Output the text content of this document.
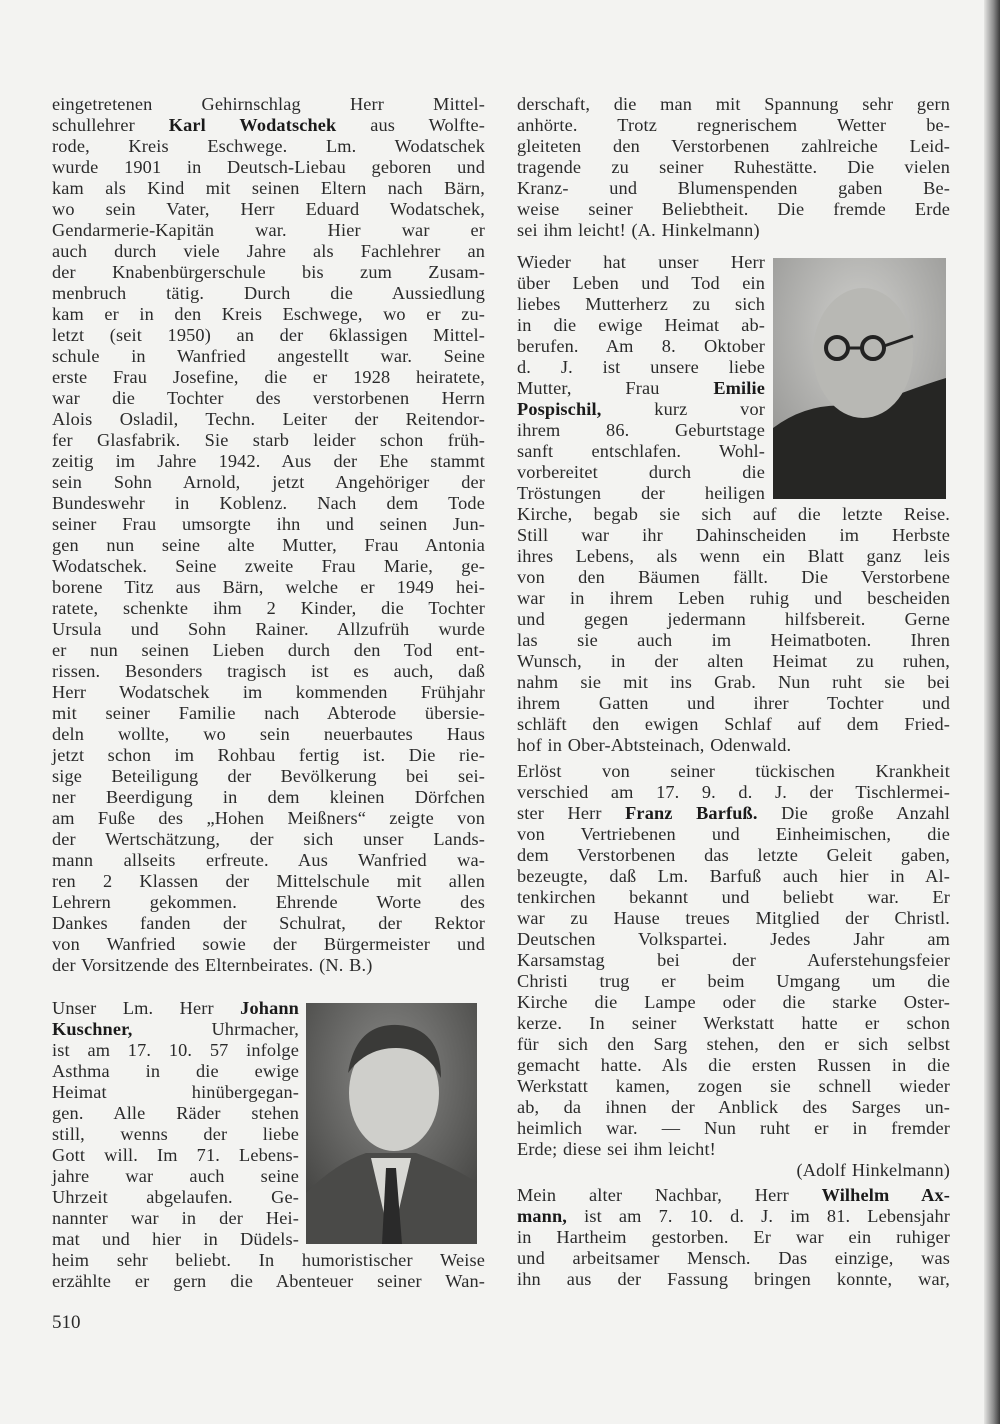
eingetretenen Gehirnschlag Herr Mittel-
schullehrer Karl Wodatschek aus Wolfte-
rode, Kreis Eschwege. Lm. Wodatschek
wurde 1901 in Deutsch-Liebau geboren und
kam als Kind mit seinen Eltern nach Bärn,
wo sein Vater, Herr Eduard Wodatschek,
Gendarmerie-Kapitän war. Hier war er
auch durch viele Jahre als Fachlehrer an
der Knabenbürgerschule bis zum Zusam-
menbruch tätig. Durch die Aussiedlung
kam er in den Kreis Eschwege, wo er zu-
letzt (seit 1950) an der 6klassigen Mittel-
schule in Wanfried angestellt war. Seine
erste Frau Josefine, die er 1928 heiratete,
war die Tochter des verstorbenen Herrn
Alois Osladil, Techn. Leiter der Reitendor-
fer Glasfabrik. Sie starb leider schon früh-
zeitig im Jahre 1942. Aus der Ehe stammt
sein Sohn Arnold, jetzt Angehöriger der
Bundeswehr in Koblenz. Nach dem Tode
seiner Frau umsorgte ihn und seinen Jun-
gen nun seine alte Mutter, Frau Antonia
Wodatschek. Seine zweite Frau Marie, ge-
borene Titz aus Bärn, welche er 1949 hei-
ratete, schenkte ihm 2 Kinder, die Tochter
Ursula und Sohn Rainer. Allzufrüh wurde
er nun seinen Lieben durch den Tod ent-
rissen. Besonders tragisch ist es auch, daß
Herr Wodatschek im kommenden Frühjahr
mit seiner Familie nach Abterode übersie-
deln wollte, wo sein neuerbautes Haus
jetzt schon im Rohbau fertig ist. Die rie-
sige Beteiligung der Bevölkerung bei sei-
ner Beerdigung in dem kleinen Dörfchen
am Fuße des „Hohen Meißners“ zeigte von
der Wertschätzung, der sich unser Lands-
mann allseits erfreute. Aus Wanfried wa-
ren 2 Klassen der Mittelschule mit allen
Lehrern gekommen. Ehrende Worte des
Dankes fanden der Schulrat, der Rektor
von Wanfried sowie der Bürgermeister und
der Vorsitzende des Elternbeirates. (N. B.)
Unser Lm. Herr Johann
Kuschner, Uhrmacher,
ist am 17. 10. 57 infolge
Asthma in die ewige
Heimat hinübergegan-
gen. Alle Räder stehen
still, wenns der liebe
Gott will. Im 71. Lebens-
jahre war auch seine
Uhrzeit abgelaufen. Ge-
nannter war in der Hei-
mat und hier in Düdels-
heim sehr beliebt. In humoristischer Weise
erzählte er gern die Abenteuer seiner Wan-
derschaft, die man mit Spannung sehr gern
anhörte. Trotz regnerischem Wetter be-
gleiteten den Verstorbenen zahlreiche Leid-
tragende zu seiner Ruhestätte. Die vielen
Kranz- und Blumenspenden gaben Be-
weise seiner Beliebtheit. Die fremde Erde
sei ihm leicht! (A. Hinkelmann)
Wieder hat unser Herr
über Leben und Tod ein
liebes Mutterherz zu sich
in die ewige Heimat ab-
berufen. Am 8. Oktober
d. J. ist unsere liebe
Mutter, Frau Emilie
Pospischil, kurz vor
ihrem 86. Geburtstage
sanft entschlafen. Wohl-
vorbereitet durch die
Tröstungen der heiligen
Kirche, begab sie sich auf die letzte Reise.
Still war ihr Dahinscheiden im Herbste
ihres Lebens, als wenn ein Blatt ganz leis
von den Bäumen fällt. Die Verstorbene
war in ihrem Leben ruhig und bescheiden
und gegen jedermann hilfsbereit. Gerne
las sie auch im Heimatboten. Ihren
Wunsch, in der alten Heimat zu ruhen,
nahm sie mit ins Grab. Nun ruht sie bei
ihrem Gatten und ihrer Tochter und
schläft den ewigen Schlaf auf dem Fried-
hof in Ober-Abtsteinach, Odenwald.
Erlöst von seiner tückischen Krankheit
verschied am 17. 9. d. J. der Tischlermei-
ster Herr Franz Barfuß. Die große Anzahl
von Vertriebenen und Einheimischen, die
dem Verstorbenen das letzte Geleit gaben,
bezeugte, daß Lm. Barfuß auch hier in Al-
tenkirchen bekannt und beliebt war. Er
war zu Hause treues Mitglied der Christl.
Deutschen Volkspartei. Jedes Jahr am
Karsamstag bei der Auferstehungsfeier
Christi trug er beim Umgang um die
Kirche die Lampe oder die starke Oster-
kerze. In seiner Werkstatt hatte er schon
für sich den Sarg stehen, den er sich selbst
gemacht hatte. Als die ersten Russen in die
Werkstatt kamen, zogen sie schnell wieder
ab, da ihnen der Anblick des Sarges un-
heimlich war. — Nun ruht er in fremder
Erde; diese sei ihm leicht!
(Adolf Hinkelmann)
Mein alter Nachbar, Herr Wilhelm Ax-
mann, ist am 7. 10. d. J. im 81. Lebensjahr
in Hartheim gestorben. Er war ein ruhiger
und arbeitsamer Mensch. Das einzige, was
ihn aus der Fassung bringen konnte, war,
510
